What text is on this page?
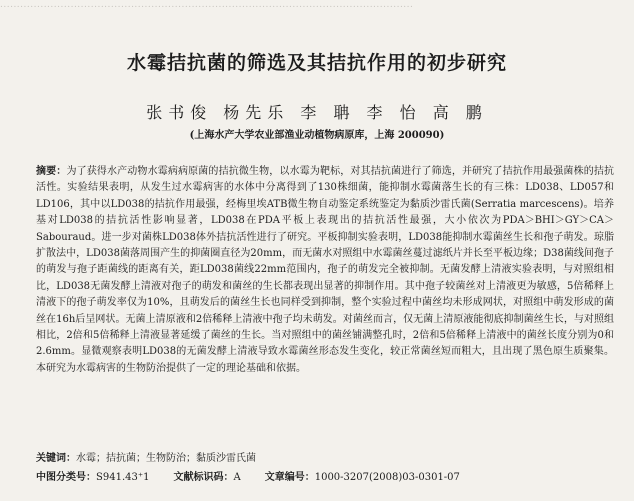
...........................................................................................................................
水霉拮抗菌的筛选及其拮抗作用的初步研究
张书俊 杨先乐 李 聃 李 怡 高 鹏
(上海水产大学农业部渔业动植物病原库，上海 200090)
摘要：为了获得水产动物水霉病病原菌的拮抗微生物，以水霉为靶标，对其拮抗菌进行了筛选，并研究了拮抗作用最强菌株的拮抗活性。实验结果表明，从发生过水霉病害的水体中分离得到了130株细菌，能抑制水霉菌落生长的有三株：LD038、LD057和LD106，其中以LD038的拮抗作用最强，经梅里埃ATB微生物自动鉴定系统鉴定为黏质沙雷氏菌(Serratia marcescens)。培养基对LD038的拮抗活性影响显著，LD038在PDA平板上表现出的拮抗活性最强，大小依次为PDA＞BHI＞GY＞CA＞Sabouraud。进一步对菌株LD038体外拮抗活性进行了研究。平板抑制实验表明，LD038能抑制水霉菌丝生长和孢子萌发。琼脂扩散法中，LD038菌落周围产生的抑菌圈直径为20mm，而无菌水对照组中水霉菌丝蔓过滤纸片并长至平板边缘；D38菌线间孢子的萌发与孢子距菌线的距离有关，距LD038菌线22mm范围内，孢子的萌发完全被抑制。无菌发酵上清液实验表明，与对照组相比，LD038无菌发酵上清液对孢子的萌发和菌丝的生长都表现出显著的抑制作用。其中孢子较菌丝对上清液更为敏感，5倍稀释上清液下的孢子萌发率仅为10%，且萌发后的菌丝生长也同样受到抑制，整个实验过程中菌丝均未形成网状，对照组中萌发形成的菌丝在16h后呈网状。无菌上清原液和2倍稀释上清液中孢子均未萌发。对菌丝而言，仅无菌上清原液能彻底抑制菌丝生长，与对照组相比，2倍和5倍稀释上清液显著延缓了菌丝的生长。当对照组中的菌丝铺满整孔时，2倍和5倍稀释上清液中的菌丝长度分别为0和2.6mm。显微观察表明LD038的无菌发酵上清液导致水霉菌丝形态发生变化，较正常菌丝短而粗大，且出现了黑色原生质聚集。本研究为水霉病害的生物防治提供了一定的理论基础和依据。
关键词：水霉；拮抗菌；生物防治；黏质沙雷氏菌
中图分类号：S941.43⁺1 文献标识码：A 文章编号：1000-3207(2008)03-0301-07
